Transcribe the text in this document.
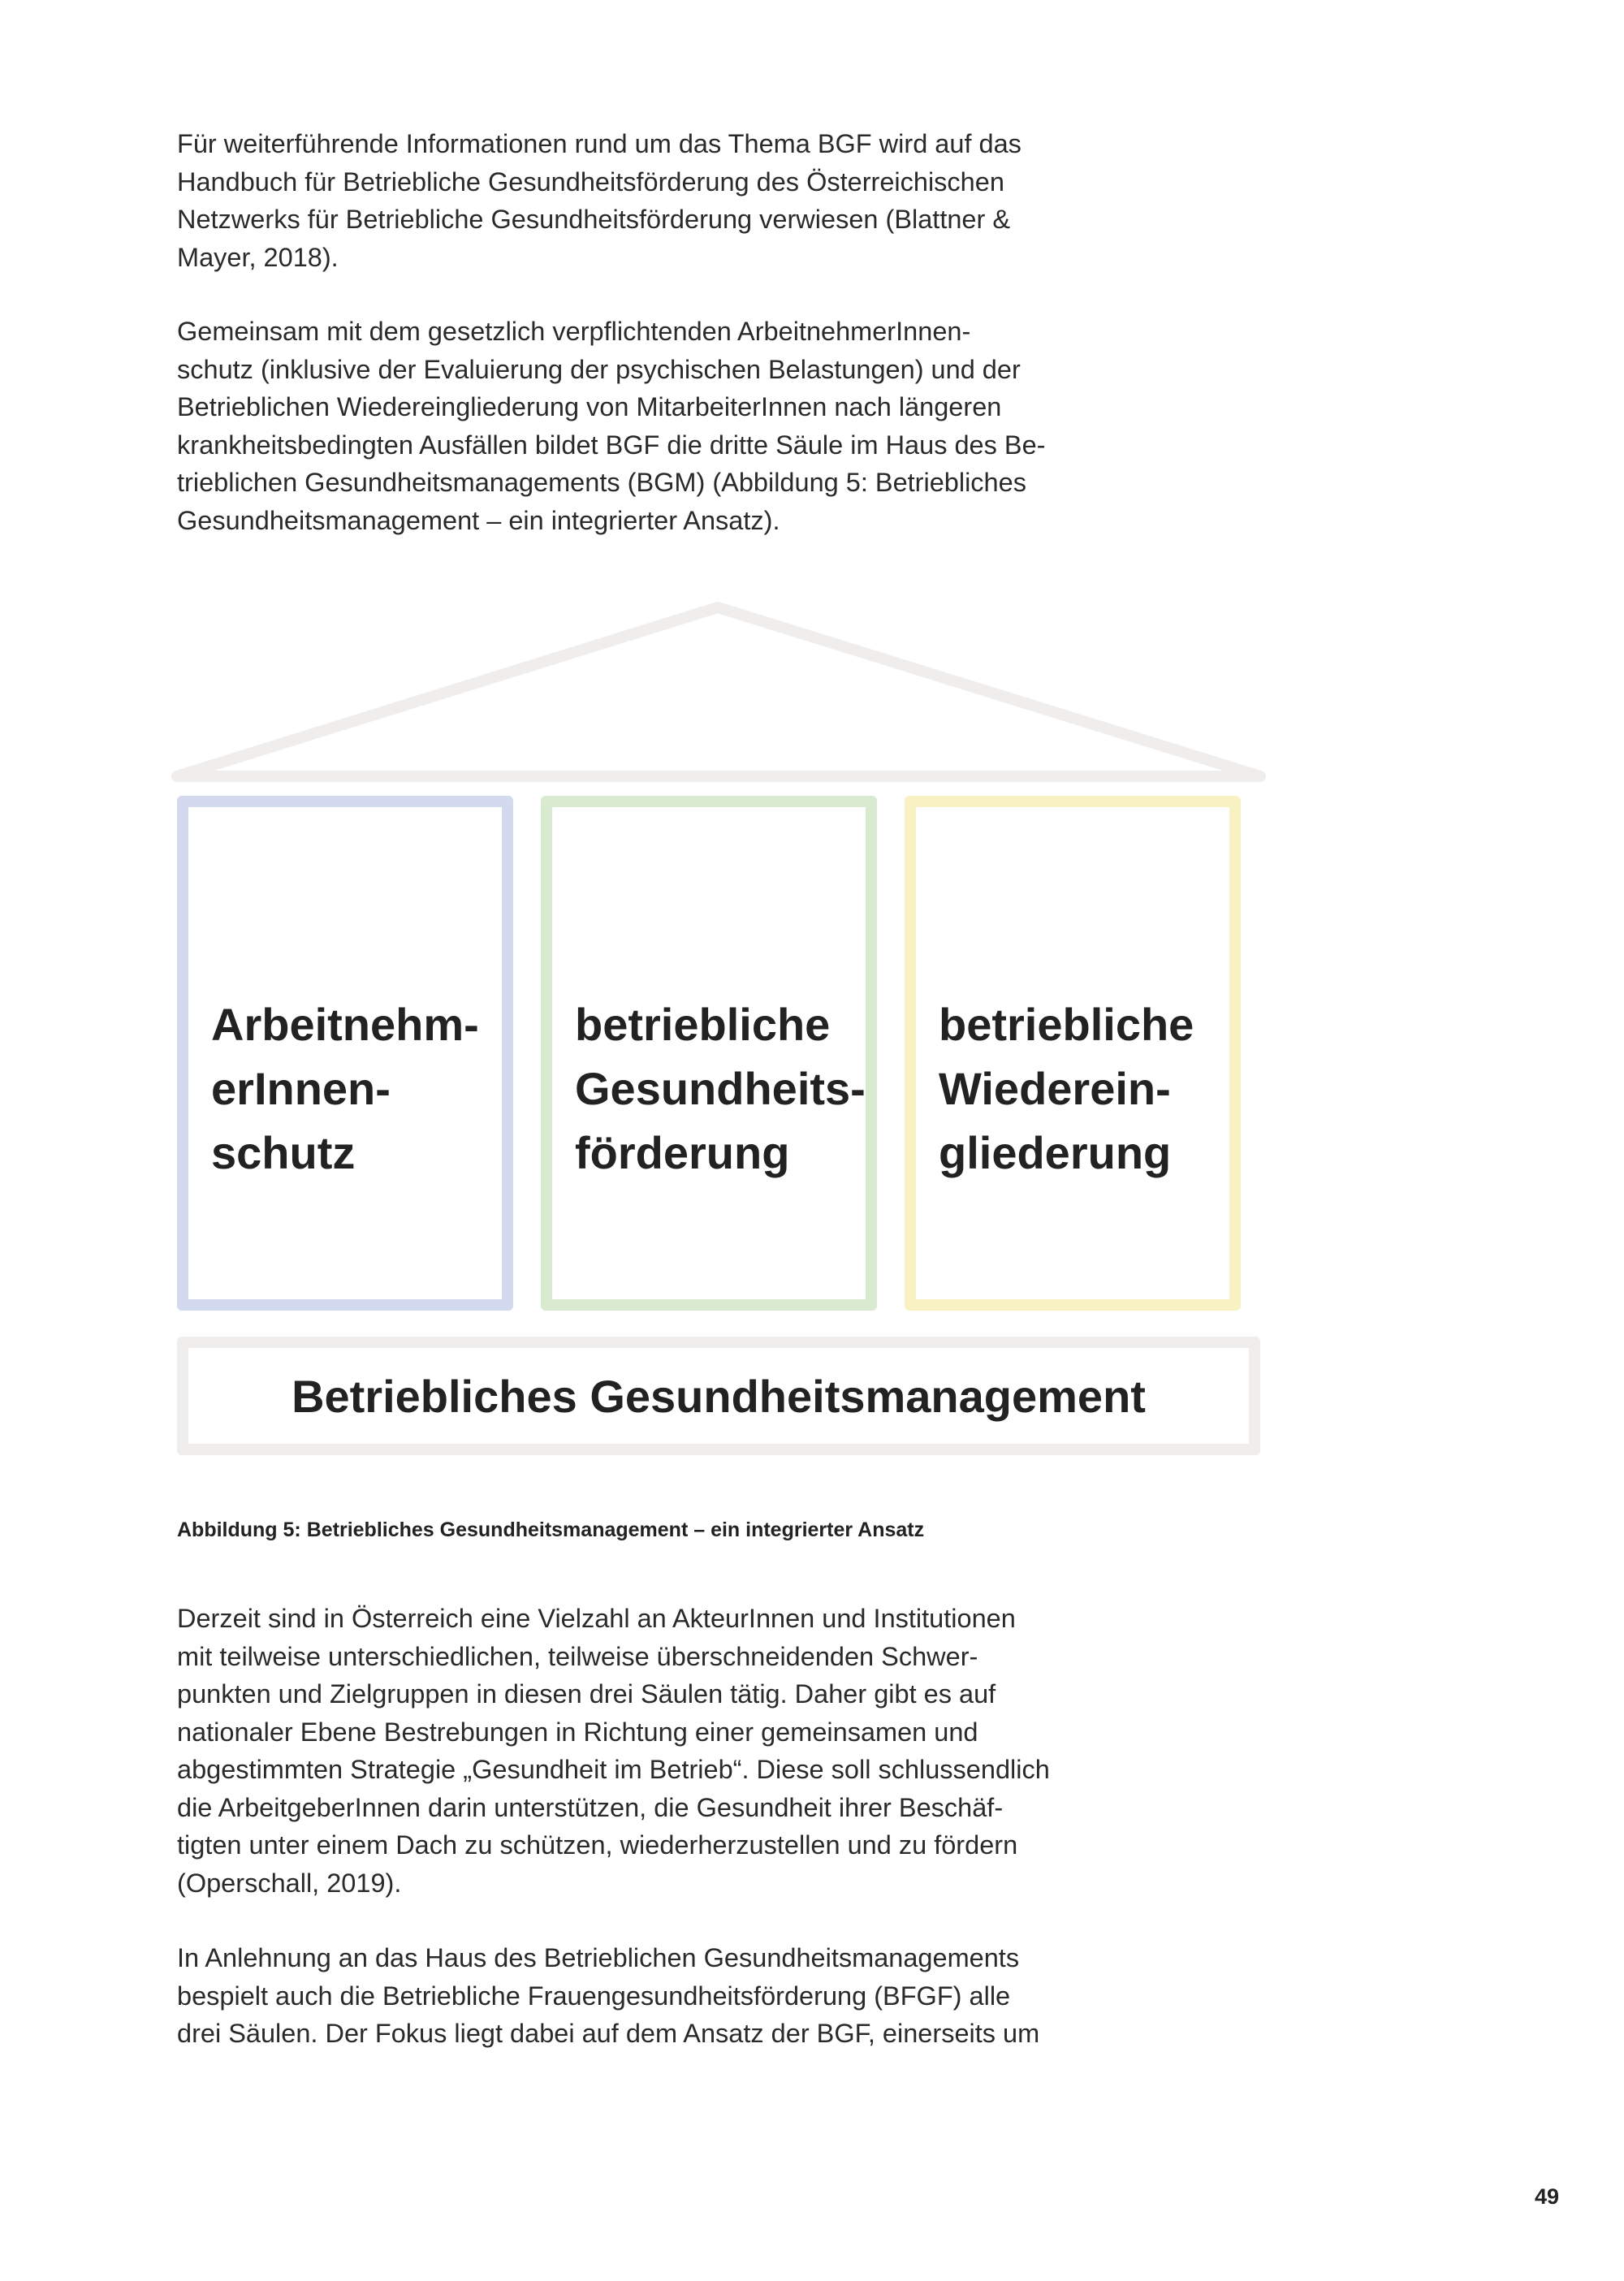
Für weiterführende Informationen rund um das Thema BGF wird auf das
Handbuch für Betriebliche Gesundheitsförderung des Österreichischen
Netzwerks für Betriebliche Gesundheitsförderung verwiesen (Blattner &
Mayer, 2018).
Gemeinsam mit dem gesetzlich verpflichtenden ArbeitnehmerInnen-
schutz (inklusive der Evaluierung der psychischen Belastungen) und der
Betrieblichen Wiedereingliederung von MitarbeiterInnen nach längeren
krankheitsbedingten Ausfällen bildet BGF die dritte Säule im Haus des Be-
trieblichen Gesundheitsmanagements (BGM) (Abbildung 5: Betriebliches
Gesundheitsmanagement – ein integrierter Ansatz).

Arbeitnehm-
erInnen-
schutz

betriebliche
Gesundheits-
förderung

betriebliche
Wiederein-
gliederung

Betriebliches Gesundheitsmanagement

Abbildung 5: Betriebliches Gesundheitsmanagement – ein integrierter Ansatz

Derzeit sind in Österreich eine Vielzahl an AkteurInnen und Institutionen
mit teilweise unterschiedlichen, teilweise überschneidenden Schwer-
punkten und Zielgruppen in diesen drei Säulen tätig. Daher gibt es auf
nationaler Ebene Bestrebungen in Richtung einer gemeinsamen und
abgestimmten Strategie „Gesundheit im Betrieb“. Diese soll schlussendlich
die ArbeitgeberInnen darin unterstützen, die Gesundheit ihrer Beschäf-
tigten unter einem Dach zu schützen, wiederherzustellen und zu fördern
(Operschall, 2019).
In Anlehnung an das Haus des Betrieblichen Gesundheitsmanagements
bespielt auch die Betriebliche Frauengesundheitsförderung (BFGF) alle
drei Säulen. Der Fokus liegt dabei auf dem Ansatz der BGF, einerseits um

49
